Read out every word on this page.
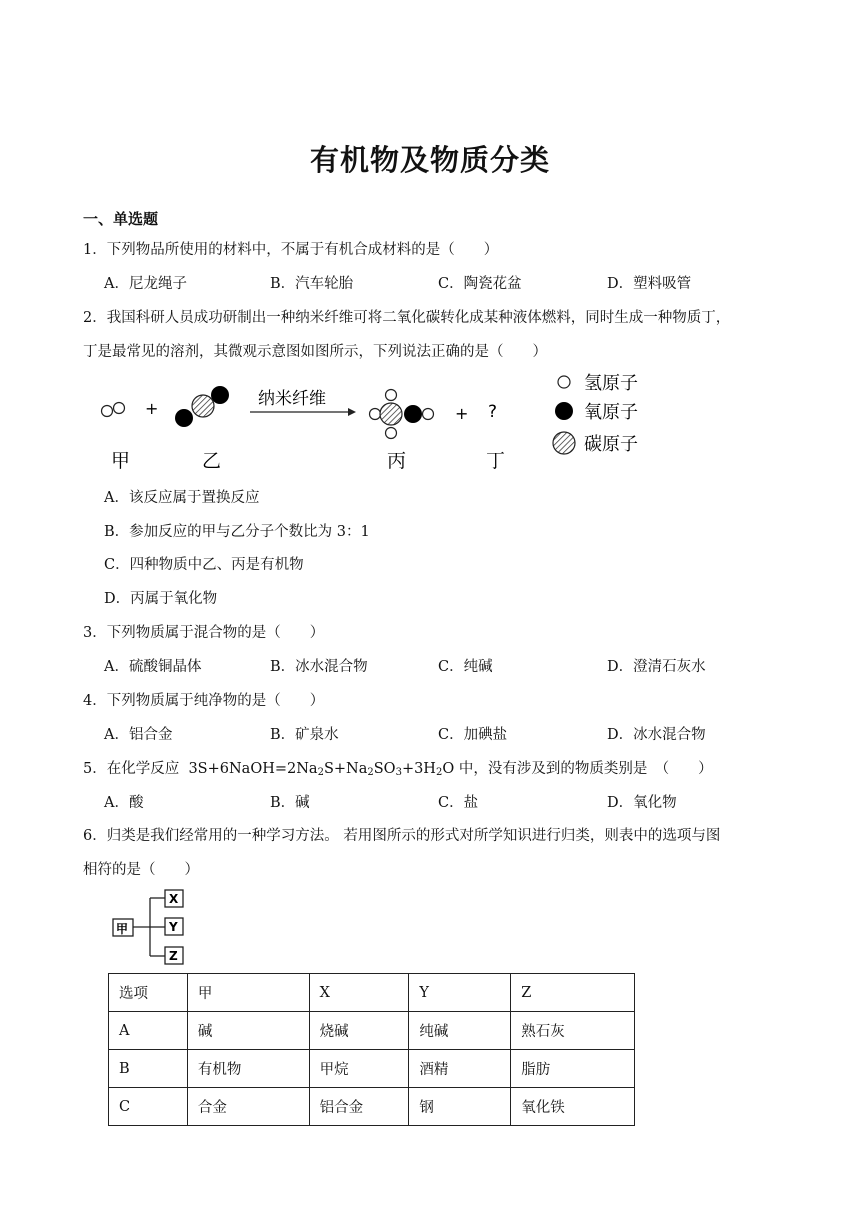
有机物及物质分类
一、单选题
1．下列物品所使用的材料中，不属于有机合成材料的是（　　）
A．尼龙绳子	B．汽车轮胎	C．陶瓷花盆	D．塑料吸管
2．我国科研人员成功研制出一种纳米纤维可将二氧化碳转化成某种液体燃料，同时生成一种物质丁，
丁是最常见的溶剂，其微观示意图如图所示，下列说法正确的是（　　）
+	纳米纤维
+ ?
甲	乙	丙	丁
氢原子
氧原子
碳原子
A．该反应属于置换反应
B．参加反应的甲与乙分子个数比为 3：1
C．四种物质中乙、丙是有机物
D．丙属于氧化物
3．下列物质属于混合物的是（　　）
A．硫酸铜晶体	B．冰水混合物	C．纯碱	D．澄清石灰水
4．下列物质属于纯净物的是（　　）
A．铝合金	B．矿泉水	C．加碘盐	D．冰水混合物
5．在化学反应  $3S+6NaOH=2Na_2S+Na_2SO_3+3H_2O$ 中，没有涉及到的物质类别是　（　　）
A．酸	B．碱	C．盐	D．氧化物
6．归类是我们经常用的一种学习方法。 若用图所示的形式对所学知识进行归类，则表中的选项与图
相符的是（　　）
甲
X
Y
Z
选项	甲	X	Y	Z
A	碱	烧碱	纯碱	熟石灰
B	有机物	甲烷	酒精	脂肪
C	合金	铝合金	钢	氧化铁
